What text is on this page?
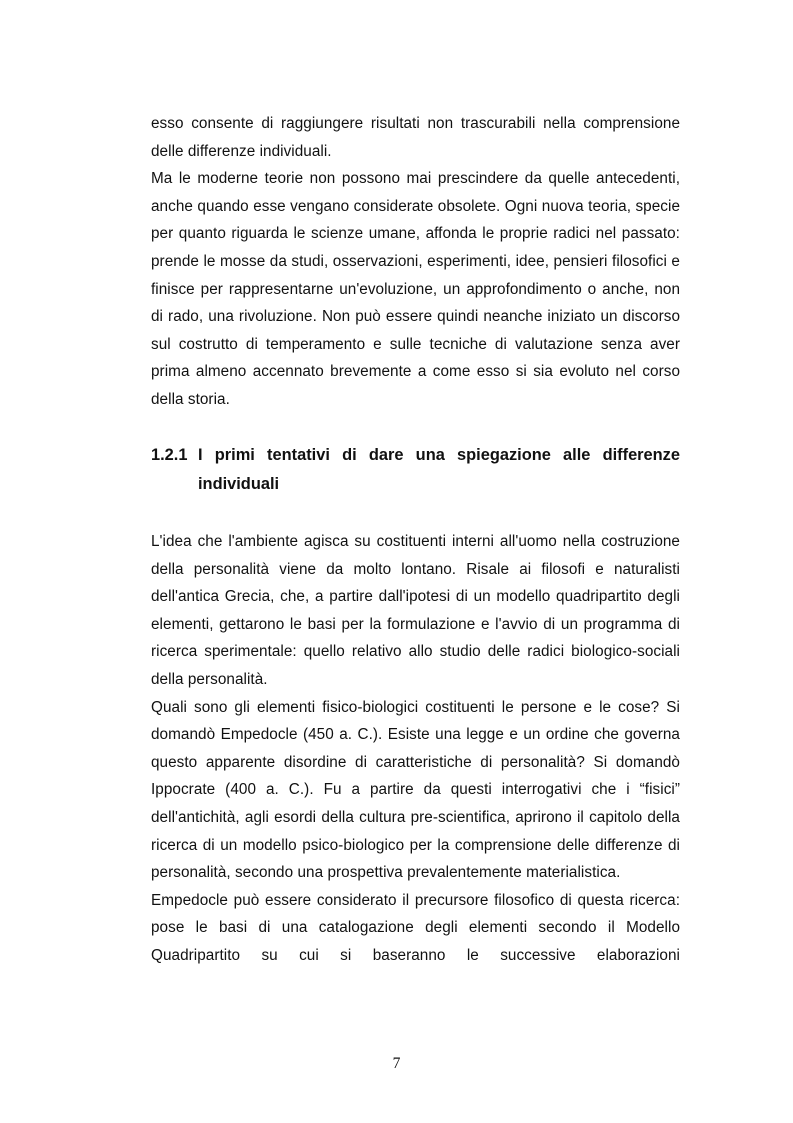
esso consente di raggiungere risultati non trascurabili nella comprensione delle differenze individuali.

Ma le moderne teorie non possono mai prescindere da quelle antecedenti, anche quando esse vengano considerate obsolete. Ogni nuova teoria, specie per quanto riguarda le scienze umane, affonda le proprie radici nel passato: prende le mosse da studi, osservazioni, esperimenti, idee, pensieri filosofici e finisce per rappresentarne un'evoluzione, un approfondimento o anche, non di rado, una rivoluzione. Non può essere quindi neanche iniziato un discorso sul costrutto di temperamento e sulle tecniche di valutazione senza aver prima almeno accennato brevemente a come esso si sia evoluto nel corso della storia.

1.2.1 I primi tentativi di dare una spiegazione alle differenze
individuali

L'idea che l'ambiente agisca su costituenti interni all'uomo nella costruzione della personalità viene da molto lontano. Risale ai filosofi e naturalisti dell'antica Grecia, che, a partire dall'ipotesi di un modello quadripartito degli elementi, gettarono le basi per la formulazione e l'avvio di un programma di ricerca sperimentale: quello relativo allo studio delle radici biologico-sociali della personalità.

Quali sono gli elementi fisico-biologici costituenti le persone e le cose? Si domandò Empedocle (450 a. C.). Esiste una legge e un ordine che governa questo apparente disordine di caratteristiche di personalità? Si domandò Ippocrate (400 a. C.). Fu a partire da questi interrogativi che i “fisici” dell'antichità, agli esordi della cultura pre-scientifica, aprirono il capitolo della ricerca di un modello psico-biologico per la comprensione delle differenze di personalità, secondo una prospettiva prevalentemente materialistica.

Empedocle può essere considerato il precursore filosofico di questa ricerca: pose le basi di una catalogazione degli elementi secondo il Modello Quadripartito su cui si baseranno le successive elaborazioni

7
